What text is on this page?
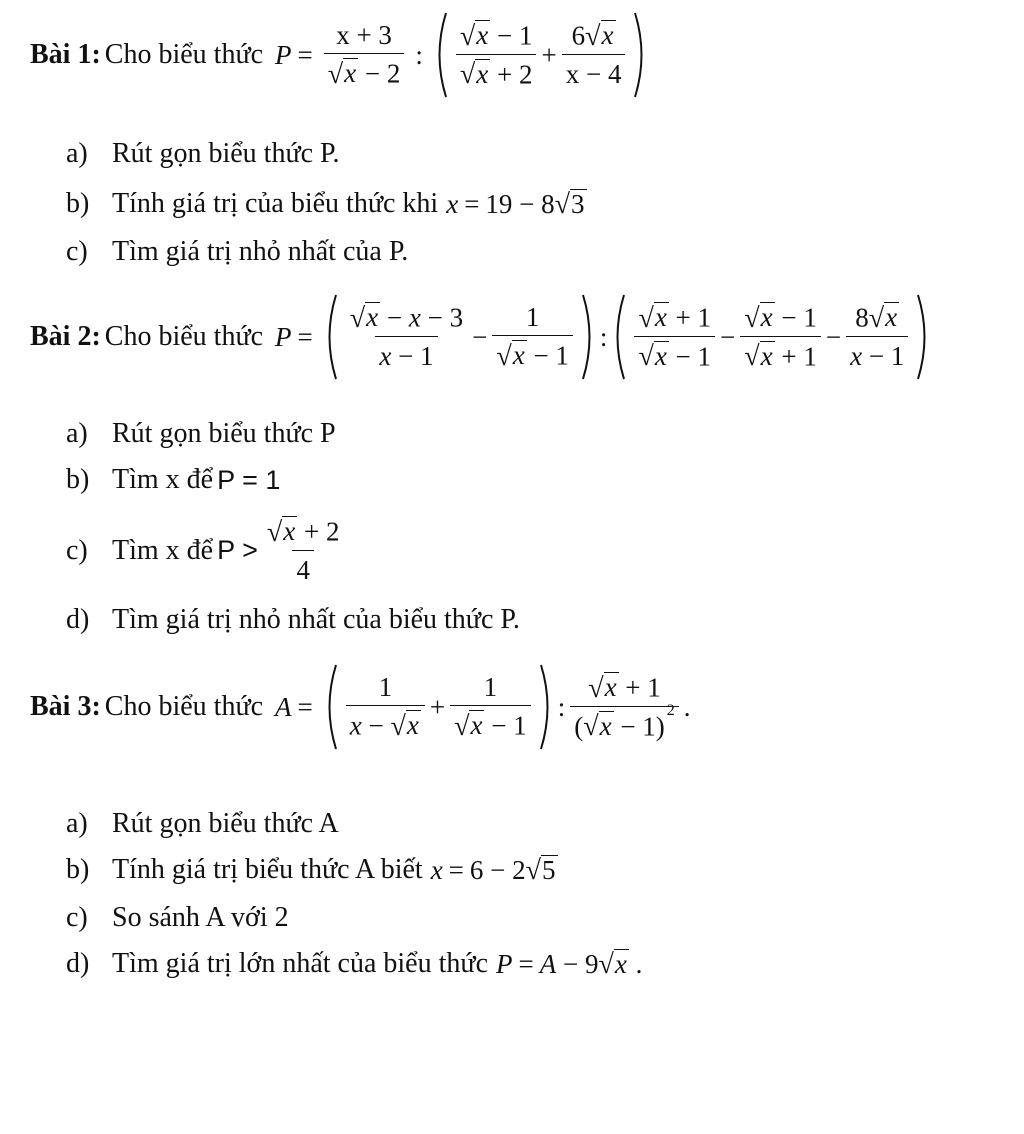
Bài 1:
Cho biểu thức
$P = \frac{x + 3}{√ x - 2}$ : $\frac{√ x - 1}{√ x + 2} + \frac{6 √ x}{x - 4}$
a) Rút gọn biểu thức P.
b) Tính giá trị của biểu thức khi
x = 19 − 8 √ 3
c) Tìm giá trị nhỏ nhất của P.
Bài 2:
Cho biểu thức
$P = \frac{√ x - x - 3}{x - 1} - \frac{1}{√ x - 1}$ : $\frac{√ x + 1}{√ x - 1} - \frac{√ x - 1}{√ x + 1} - \frac{8 √ x}{x - 1}$
a) Rút gọn biểu thức P
b) Tìm x để
P = 1
c) Tìm x để
$P > \frac{√ x + 2}{4}$
d) Tìm giá trị nhỏ nhất của biểu thức P.
Bài 3:
Cho biểu thức
$A = \frac{1}{x - √ x} + \frac{1}{√ x - 1}$ : $\frac{√ x + 1}{( √ x - 1)^2}$ .
a) Rút gọn biểu thức A
b) Tính giá trị biểu thức A biết
x = 6 − 2 √ 5
c) So sánh A với 2
d) Tìm giá trị lớn nhất của biểu thức
P = A − 9 √ x .
